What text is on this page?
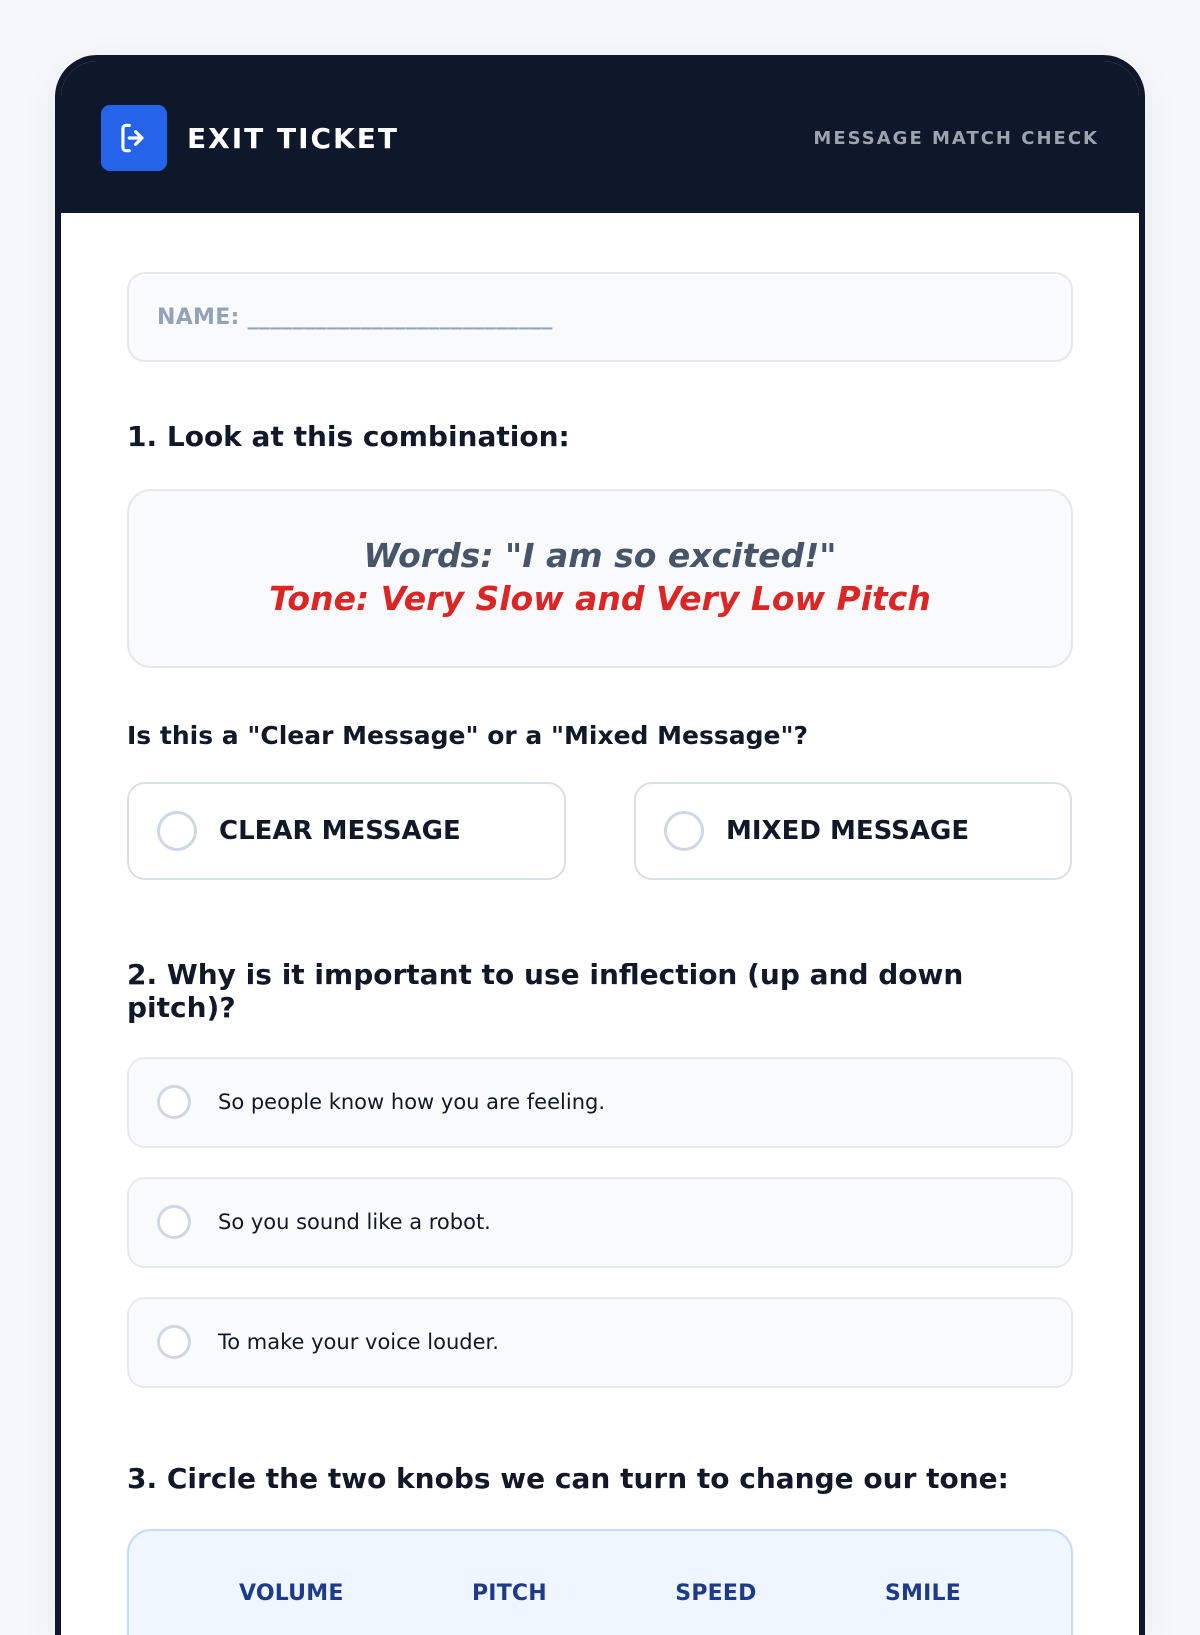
EXIT TICKET	MESSAGE MATCH CHECK
NAME: ___________________________
1. Look at this combination:
Words: "I am so excited!"
Tone: Very Slow and Very Low Pitch
Is this a "Clear Message" or a "Mixed Message"?
CLEAR MESSAGE	MIXED MESSAGE
2. Why is it important to use inflection (up and down pitch)?
So people know how you are feeling.
So you sound like a robot.
To make your voice louder.
3. Circle the two knobs we can turn to change our tone:
VOLUME	PITCH	SPEED	SMILE
